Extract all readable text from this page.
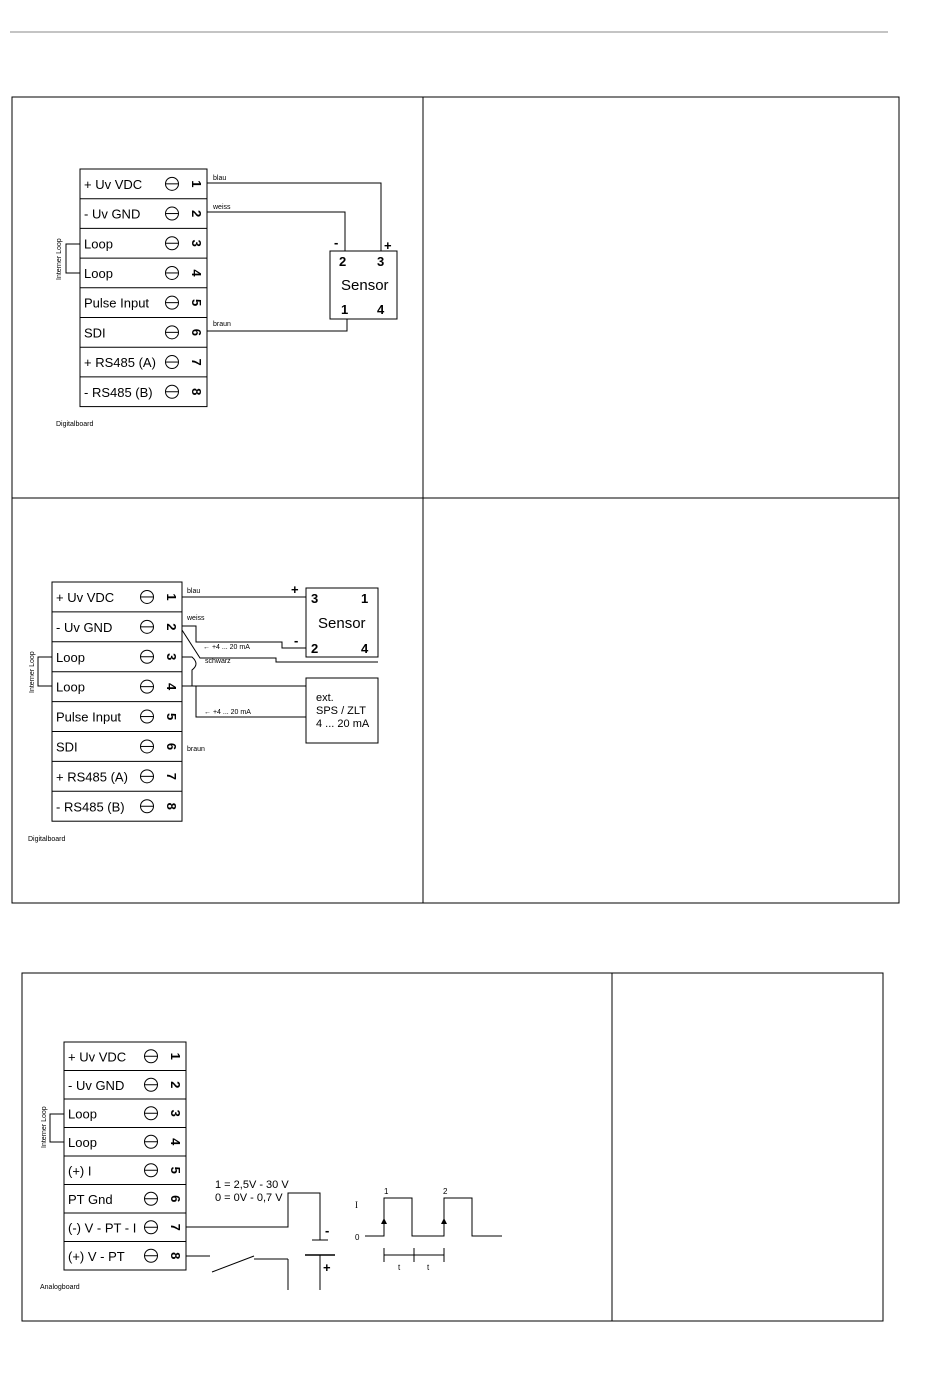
+ Uv VDC	1
- Uv GND	2
Loop	3
Loop	4
Pulse Input	5
SDI	6
+ RS485 (A)	7
- RS485 (B)	8
+ Uv VDC	1
- Uv GND	2
Loop	3
Loop	4
Pulse Input	5
SDI	6
+ RS485 (A)	7
- RS485 (B)	8
+ Uv VDC	1
- Uv GND	2
Loop	3
Loop	4
(+) I	5
PT Gnd	6
(-) V - PT - I 7
(+) V - PT	8
Interner Loop
Digitalboard
blau
weiss
braun
2 3
Sensor
1 4
-	+
Interner Loop
Digitalboard
blau	+
weiss
-
schwarz
← +4 ... 20 mA
← +4 ... 20 mA
braun
3	1
Sensor
2	4
ext.
SPS / ZLT
4 ... 20 mA
Interner Loop
Analogboard
1 = 2,5V - 30 V
0 = 0V - 0,7 V
-
+
I
0
1	2
t	t
